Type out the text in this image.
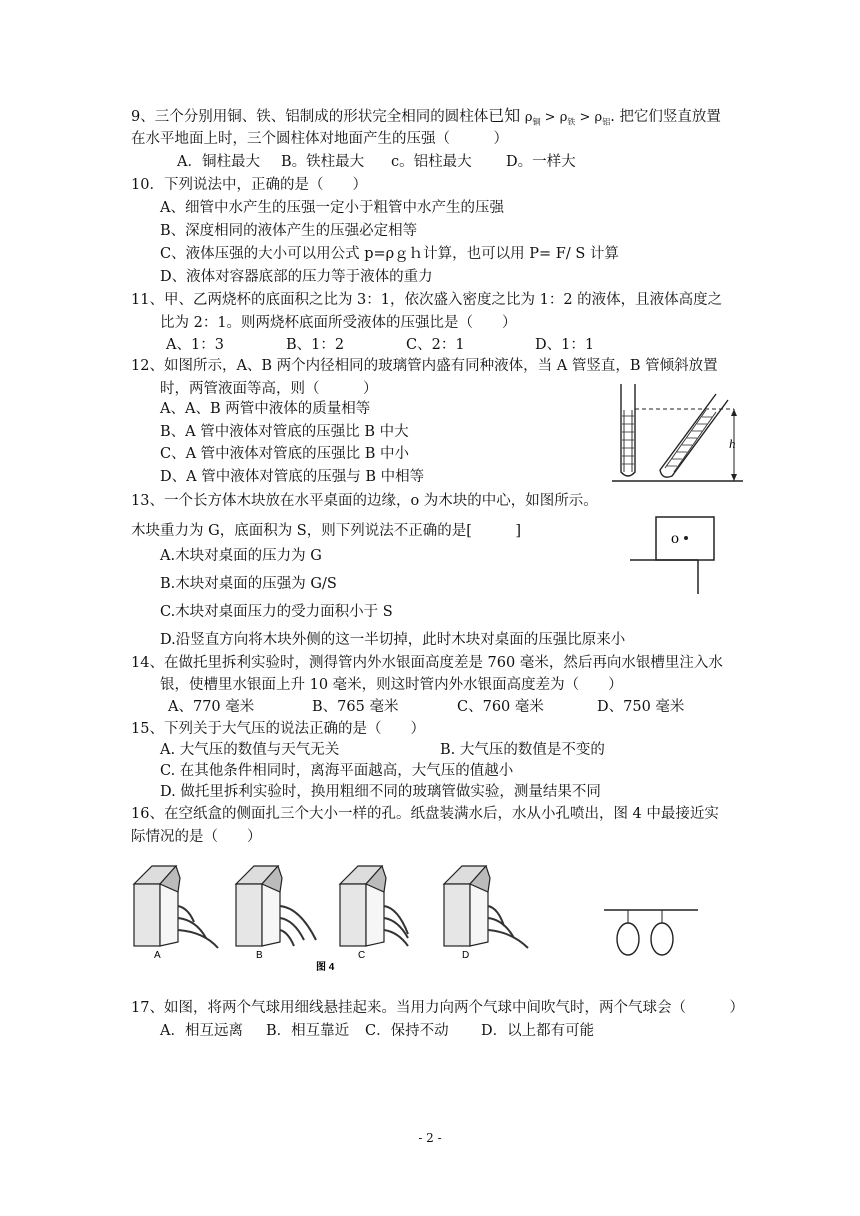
9、三个分别用铜、铁、铝制成的形状完全相同的圆柱体已知 $\rho_铜 > \rho_铁 > \rho_铝$. 把它们竖直放置
在水平地面上时，三个圆柱体对地面产生的压强（　　　）
A．铜柱最大 B。铁柱最大 c。铝柱最大 D。一样大
10．下列说法中，正确的是（　　）
A、细管中水产生的压强一定小于粗管中水产生的压强
B、深度相同的液体产生的压强必定相等
C、液体压强的大小可以用公式 p=ρｇｈ计算，也可以用 P= F/ S 计算
D、液体对容器底部的压力等于液体的重力
11、甲、乙两烧杯的底面积之比为 3：1，依次盛入密度之比为 1：2 的液体，且液体高度之
比为 2：1。则两烧杯底面所受液体的压强比是（　　）
A、1：3	B、1：2	C、2：1	D、1：1
12、如图所示，A、B 两个内径相同的玻璃管内盛有同种液体，当 A 管竖直，B 管倾斜放置
时，两管液面等高，则（　　　）
A、A、B 两管中液体的质量相等
B、A 管中液体对管底的压强比 B 中大
C、A 管中液体对管底的压强比 B 中小
D、A 管中液体对管底的压强与 B 中相等
h
13、一个长方体木块放在水平桌面的边缘，o 为木块的中心，如图所示。
木块重力为 G，底面积为 S，则下列说法不正确的是[　　　]
A.木块对桌面的压力为 G
B.木块对桌面的压强为 G/S
C.木块对桌面压力的受力面积小于 S
D.沿竖直方向将木块外侧的这一半切掉，此时木块对桌面的压强比原来小
o
14、在做托里拆利实验时，测得管内外水银面高度差是 760 毫米，然后再向水银槽里注入水
银，使槽里水银面上升 10 毫米，则这时管内外水银面高度差为（　　）
A、770 毫米	B、765 毫米	C、760 毫米	D、750 毫米
15、下列关于大气压的说法正确的是（　　）
A. 大气压的数值与天气无关	B. 大气压的数值是不变的
C. 在其他条件相同时，离海平面越高，大气压的值越小
D. 做托里拆利实验时，换用粗细不同的玻璃管做实验，测量结果不同
16、在空纸盒的侧面扎三个大小一样的孔。纸盘装满水后，水从小孔喷出，图 4 中最接近实
际情况的是（　　）
A	B	C	D
图 4
17、如图，将两个气球用细线悬挂起来。当用力向两个气球中间吹气时，两个气球会（　　　）
A．相互远离 B．相互靠近 C．保持不动 D．以上都有可能
- 2 -
